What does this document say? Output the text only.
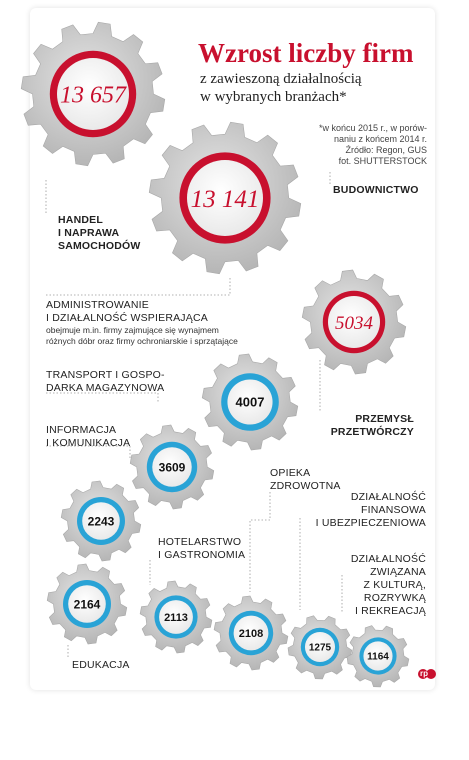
13 657
13 141
5034
4007
3609
2243
2164
2113
2108
1275
1164
Wzrost liczby firm
z zawieszoną działalnością
w wybranych branżach*
*w końcu 2015 r., w porów-
naniu z końcem 2014 r.
Źródło: Regon, GUS
fot. SHUTTERSTOCK
HANDEL
I NAPRAWA
SAMOCHODÓW
BUDOWNICTWO
ADMINISTROWANIE
I DZIAŁALNOŚĆ WSPIERAJĄCA
obejmuje m.in. firmy zajmujące się wynajmem
różnych dóbr oraz firmy ochroniarskie i sprzątające
PRZEMYSŁ
PRZETWÓRCZY
TRANSPORT I GOSPO-
DARKA MAGAZYNOWA
INFORMACJA
I KOMUNIKACJA
OPIEKA
ZDROWOTNA
HOTELARSTWO
I GASTRONOMIA
DZIAŁALNOŚĆ
FINANSOWA
I UBEZPIECZENIOWA
DZIAŁALNOŚĆ
ZWIĄZANA
Z KULTURĄ,
ROZRYWKĄ
I REKREACJĄ
EDUKACJA
rp
